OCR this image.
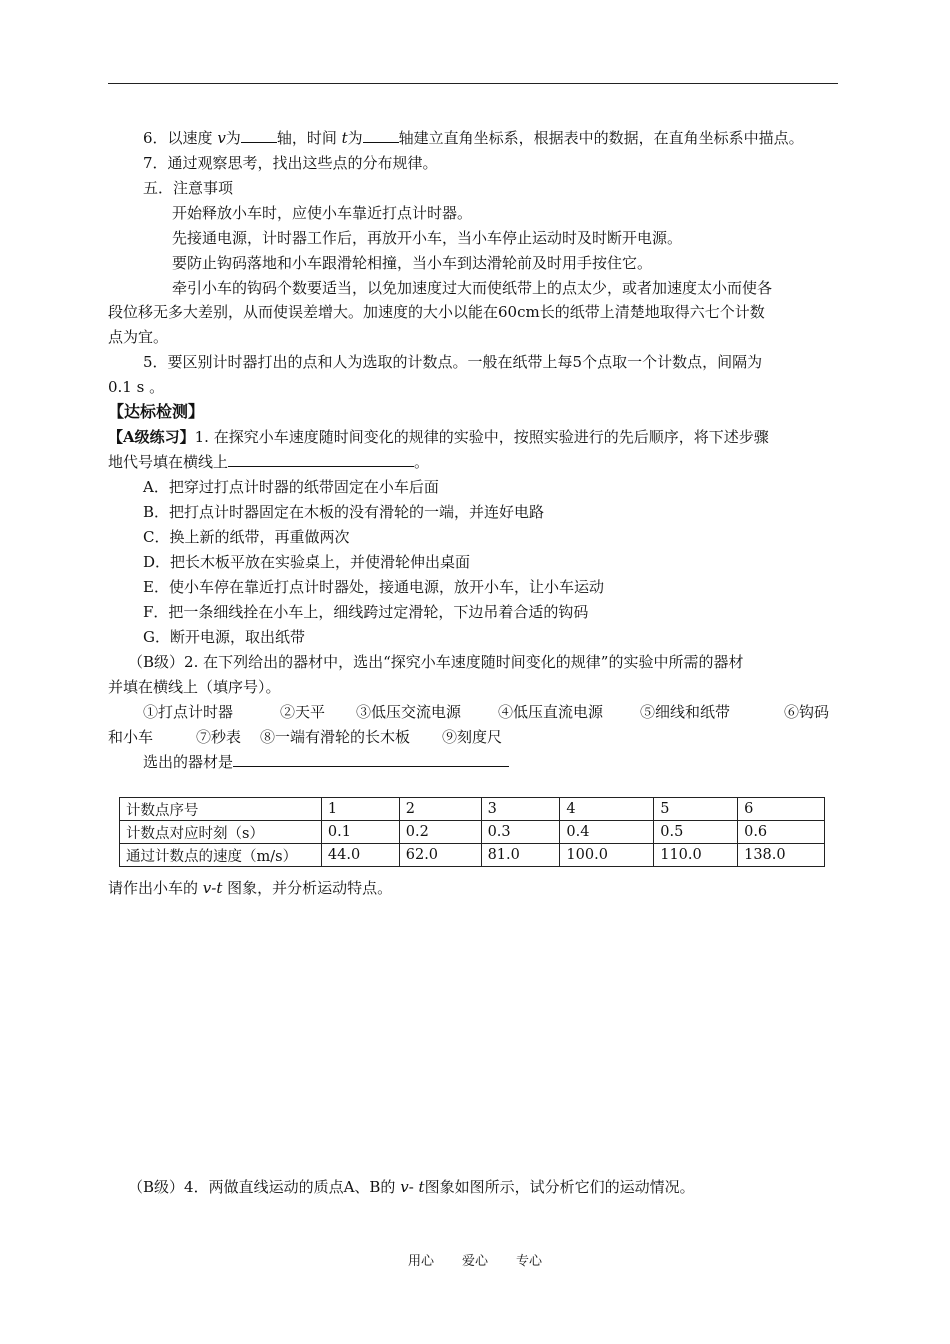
6．以速度 v为 轴，时间 t为 轴建立直角坐标系，根据表中的数据，在直角坐标系中描点。
7．通过观察思考，找出这些点的分布规律。
五．注意事项
开始释放小车时，应使小车靠近打点计时器。
先接通电源，计时器工作后，再放开小车，当小车停止运动时及时断开电源。
要防止钩码落地和小车跟滑轮相撞，当小车到达滑轮前及时用手按住它。
牵引小车的钩码个数要适当，以免加速度过大而使纸带上的点太少，或者加速度太小而使各
段位移无多大差别，从而使误差增大。加速度的大小以能在60cm长的纸带上清楚地取得六七个计数
点为宜。
5．要区别计时器打出的点和人为选取的计数点。一般在纸带上每5个点取一个计数点，间隔为
0.1 s 。
【达标检测】
【A级练习】1. 在探究小车速度随时间变化的规律的实验中，按照实验进行的先后顺序，将下述步骤
地代号填在横线上	。
A．把穿过打点计时器的纸带固定在小车后面
B．把打点计时器固定在木板的没有滑轮的一端，并连好电路
C．换上新的纸带，再重做两次
D．把长木板平放在实验桌上，并使滑轮伸出桌面
E．使小车停在靠近打点计时器处，接通电源，放开小车，让小车运动
F．把一条细线拴在小车上，细线跨过定滑轮，下边吊着合适的钩码
G．断开电源，取出纸带
（B级）2. 在下列给出的器材中，选出“探究小车速度随时间变化的规律”的实验中所需的器材
并填在横线上（填序号）。
①打点计时器	②天平 ③低压交流电源 ④低压直流电源 ⑤细线和纸带	⑥钩码
和小车	⑦秒表 ⑧一端有滑轮的长木板 ⑨刻度尺
选出的器材是
计数点序号	1	2	3	4	5	6
计数点对应时刻（s）	0.1	0.2	0.3	0.4	0.5	0.6
通过计数点的速度（m/s）	44.0	62.0	81.0	100.0	110.0	138.0
请作出小车的 v-t 图象，并分析运动特点。
（B级）4．两做直线运动的质点A、B的 v- t图象如图所示，试分析它们的运动情况。
用心 爱心 专心
